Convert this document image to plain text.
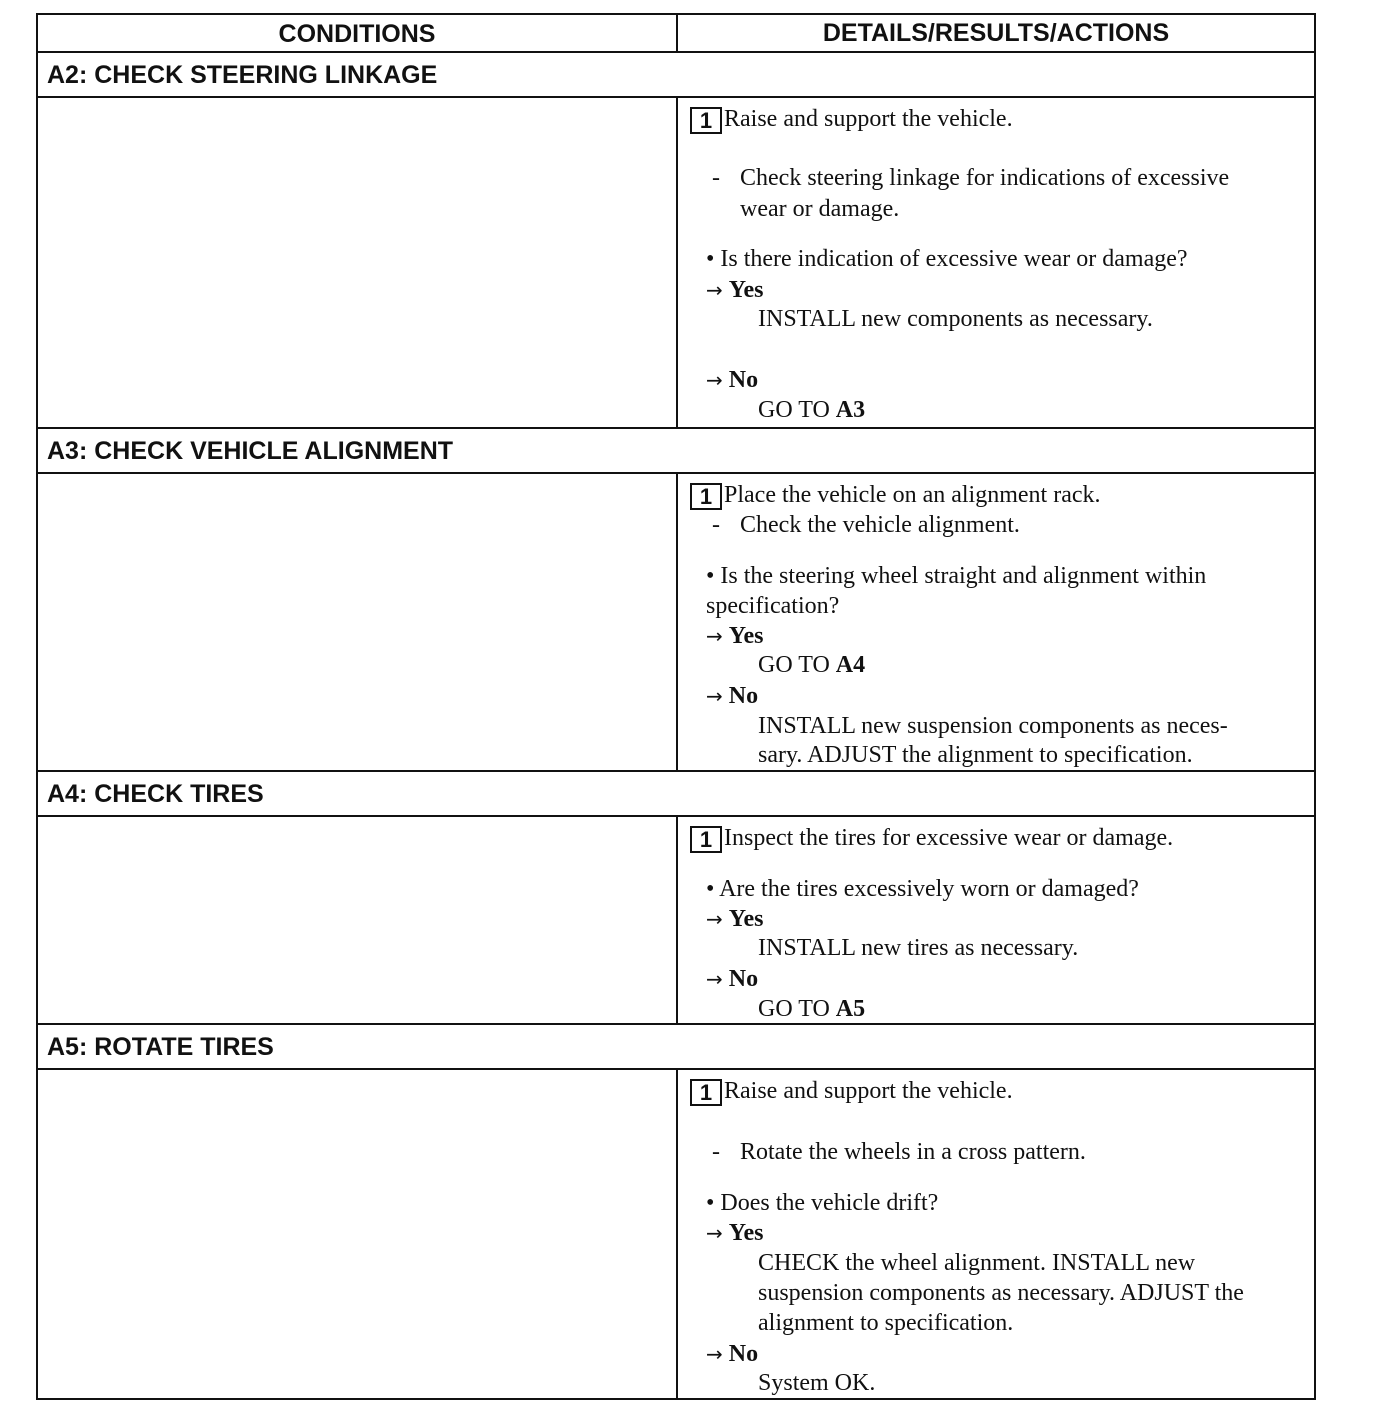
CONDITIONS	DETAILS/RESULTS/ACTIONS
A2: CHECK STEERING LINKAGE
1 Raise and support the vehicle.
- Check steering linkage for indications of excessive
wear or damage.
• Is there indication of excessive wear or damage?
→ Yes
INSTALL new components as necessary.
→ No
GO TO A3
A3: CHECK VEHICLE ALIGNMENT
1 Place the vehicle on an alignment rack.
- Check the vehicle alignment.
• Is the steering wheel straight and alignment within
specification?
→ Yes
GO TO A4
→ No
INSTALL new suspension components as neces-
sary. ADJUST the alignment to specification.
A4: CHECK TIRES
1 Inspect the tires for excessive wear or damage.
• Are the tires excessively worn or damaged?
→ Yes
INSTALL new tires as necessary.
→ No
GO TO A5
A5: ROTATE TIRES
1 Raise and support the vehicle.
- Rotate the wheels in a cross pattern.
• Does the vehicle drift?
→ Yes
CHECK the wheel alignment. INSTALL new
suspension components as necessary. ADJUST the
alignment to specification.
→ No
System OK.
